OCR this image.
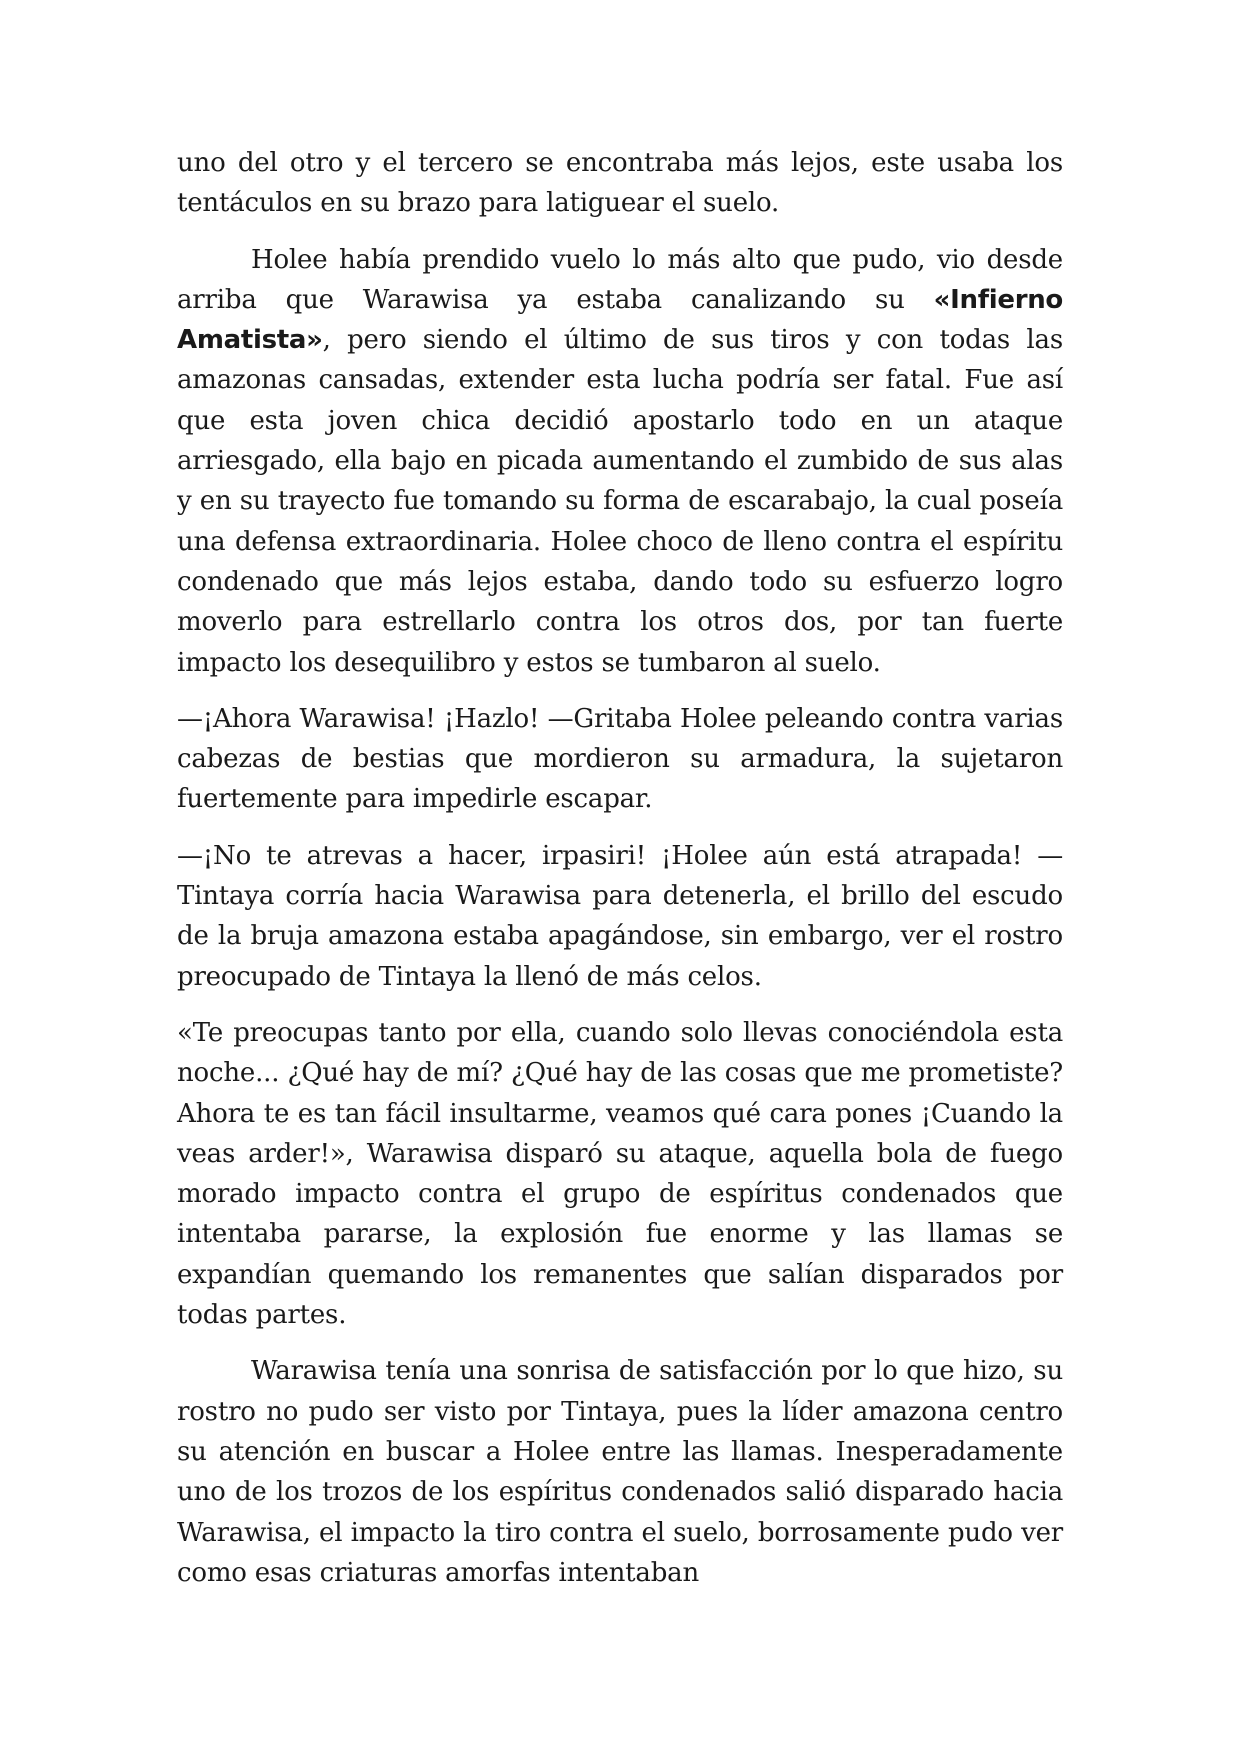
uno del otro y el tercero se encontraba más lejos, este usaba los tentáculos en su brazo para latiguear el suelo.

Holee había prendido vuelo lo más alto que pudo, vio desde arriba que Warawisa ya estaba canalizando su «Infierno Amatista», pero siendo el último de sus tiros y con todas las amazonas cansadas, extender esta lucha podría ser fatal. Fue así que esta joven chica decidió apostarlo todo en un ataque arriesgado, ella bajo en picada aumentando el zumbido de sus alas y en su trayecto fue tomando su forma de escarabajo, la cual poseía una defensa extraordinaria. Holee choco de lleno contra el espíritu condenado que más lejos estaba, dando todo su esfuerzo logro moverlo para estrellarlo contra los otros dos, por tan fuerte impacto los desequilibro y estos se tumbaron al suelo.

—¡Ahora Warawisa! ¡Hazlo! —Gritaba Holee peleando contra varias cabezas de bestias que mordieron su armadura, la sujetaron fuertemente para impedirle escapar.

—¡No te atrevas a hacer, irpasiri! ¡Holee aún está atrapada! —Tintaya corría hacia Warawisa para detenerla, el brillo del escudo de la bruja amazona estaba apagándose, sin embargo, ver el rostro preocupado de Tintaya la llenó de más celos.

«Te preocupas tanto por ella, cuando solo llevas conociéndola esta noche... ¿Qué hay de mí? ¿Qué hay de las cosas que me prometiste? Ahora te es tan fácil insultarme, veamos qué cara pones ¡Cuando la veas arder!», Warawisa disparó su ataque, aquella bola de fuego morado impacto contra el grupo de espíritus condenados que intentaba pararse, la explosión fue enorme y las llamas se expandían quemando los remanentes que salían disparados por todas partes.

Warawisa tenía una sonrisa de satisfacción por lo que hizo, su rostro no pudo ser visto por Tintaya, pues la líder amazona centro su atención en buscar a Holee entre las llamas. Inesperadamente uno de los trozos de los espíritus condenados salió disparado hacia Warawisa, el impacto la tiro contra el suelo, borrosamente pudo ver como esas criaturas amorfas intentaban
